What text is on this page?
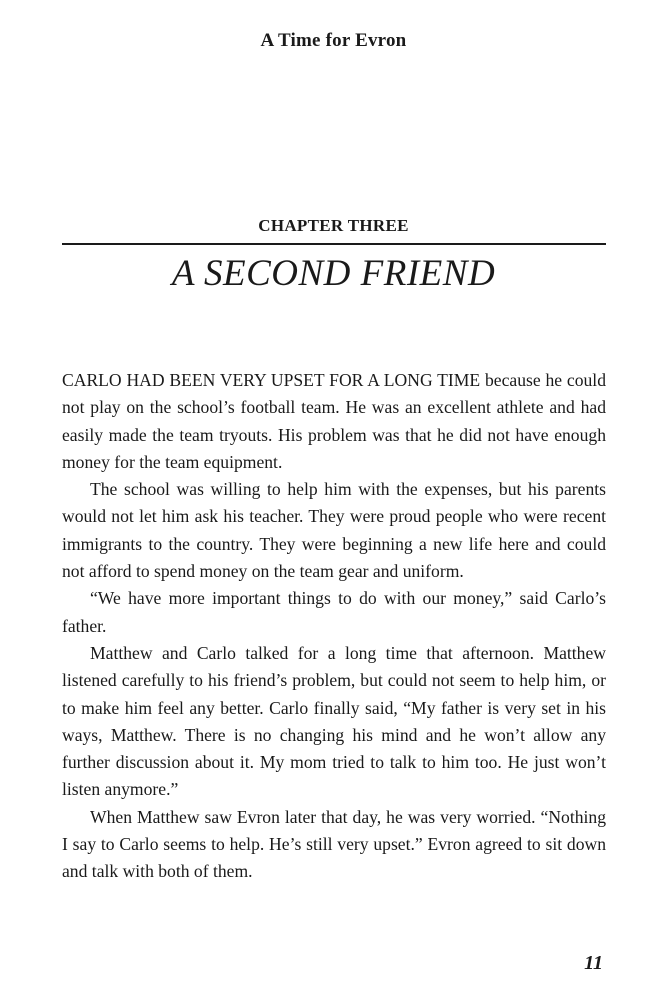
A Time for Evron
CHAPTER THREE
A SECOND FRIEND

CARLO HAD BEEN VERY UPSET FOR A LONG TIME because he could not play on the school’s football team. He was an excellent athlete and had easily made the team tryouts. His problem was that he did not have enough money for the team equipment.

The school was willing to help him with the expenses, but his parents would not let him ask his teacher. They were proud people who were recent immigrants to the country. They were beginning a new life here and could not afford to spend money on the team gear and uniform.

“We have more important things to do with our money,” said Carlo’s father.

Matthew and Carlo talked for a long time that afternoon. Matthew listened carefully to his friend’s problem, but could not seem to help him, or to make him feel any better. Carlo finally said, “My father is very set in his ways, Matthew. There is no changing his mind and he won’t allow any further discussion about it. My mom tried to talk to him too. He just won’t listen anymore.”

When Matthew saw Evron later that day, he was very worried. “Nothing I say to Carlo seems to help. He’s still very upset.” Evron agreed to sit down and talk with both of them.

11
